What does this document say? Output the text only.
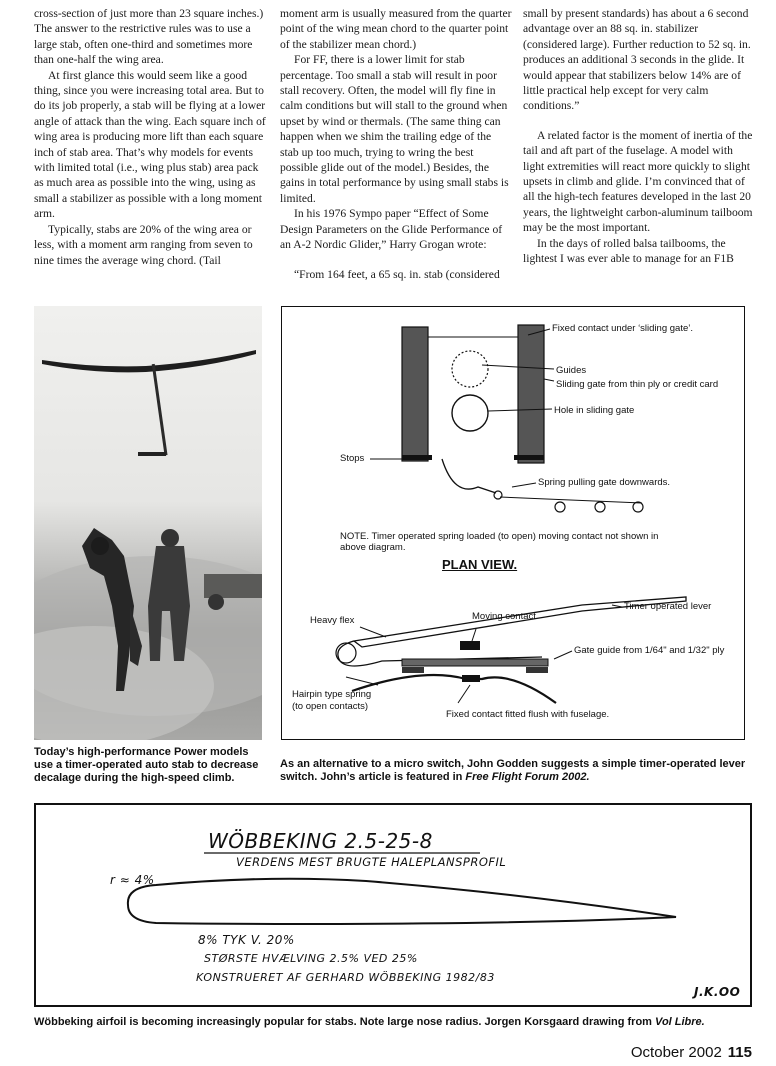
cross-section of just more than 23 square inches.) The answer to the restrictive rules was to use a large stab, often one-third and sometimes more than one-half the wing area.

At first glance this would seem like a good thing, since you were increasing total area. But to do its job properly, a stab will be flying at a lower angle of attack than the wing. Each square inch of wing area is producing more lift than each square inch of stab area. That’s why models for events with limited total (i.e., wing plus stab) area pack as much area as possible into the wing, using as small a stabilizer as possible with a long moment arm.

Typically, stabs are 20% of the wing area or less, with a moment arm ranging from seven to nine times the average wing chord. (Tail

moment arm is usually measured from the quarter point of the wing mean chord to the quarter point of the stabilizer mean chord.)

For FF, there is a lower limit for stab percentage. Too small a stab will result in poor stall recovery. Often, the model will fly fine in calm conditions but will stall to the ground when upset by wind or thermals. (The same thing can happen when we shim the trailing edge of the stab up too much, trying to wring the best possible glide out of the model.) Besides, the gains in total performance by using small stabs is limited.

In his 1976 Sympo paper “Effect of Some Design Parameters on the Glide Performance of an A-2 Nordic Glider,” Harry Grogan wrote:

“From 164 feet, a 65 sq. in. stab (considered

small by present standards) has about a 6 second advantage over an 88 sq. in. stabilizer (considered large). Further reduction to 52 sq. in. produces an additional 3 seconds in the glide. It would appear that stabilizers below 14% are of little practical help except for very calm conditions.”

A related factor is the moment of inertia of the tail and aft part of the fuselage. A model with light extremities will react more quickly to slight upsets in climb and glide. I’m convinced that of all the high-tech features developed in the last 20 years, the lightweight carbon-aluminum tailboom may be the most important.

In the days of rolled balsa tailbooms, the lightest I was ever able to manage for an F1B

Today’s high-performance Power models use a timer-operated auto stab to decrease decalage during the high-speed climb.
Fixed contact under ‘sliding gate’.
Guides
Sliding gate from thin ply or credit card
Hole in sliding gate
Stops
Spring pulling gate downwards.
NOTE. Timer operated spring loaded (to open) moving contact not shown in above diagram.
PLAN VIEW.
Timer operated lever
Heavy flex	Moving contact
Gate guide from 1/64" and 1/32" ply
Hairpin type spring
(to open contacts)
Fixed contact fitted flush with fuselage.
As an alternative to a micro switch, John Godden suggests a simple timer-operated lever switch. John’s article is featured in Free Flight Forum 2002.
WÖBBEKING 2.5-25-8
VERDENS MEST BRUGTE HALEPLANSPROFIL
r ≈ 4%
8% TYK V. 20%
STØRSTE HVÆLVING 2.5% VED 25%
KONSTRUERET AF GERHARD WÖBBEKING 1982/83
J.K.OO
Wöbbeking airfoil is becoming increasingly popular for stabs. Note large nose radius. Jorgen Korsgaard drawing from Vol Libre.
October 2002 115
